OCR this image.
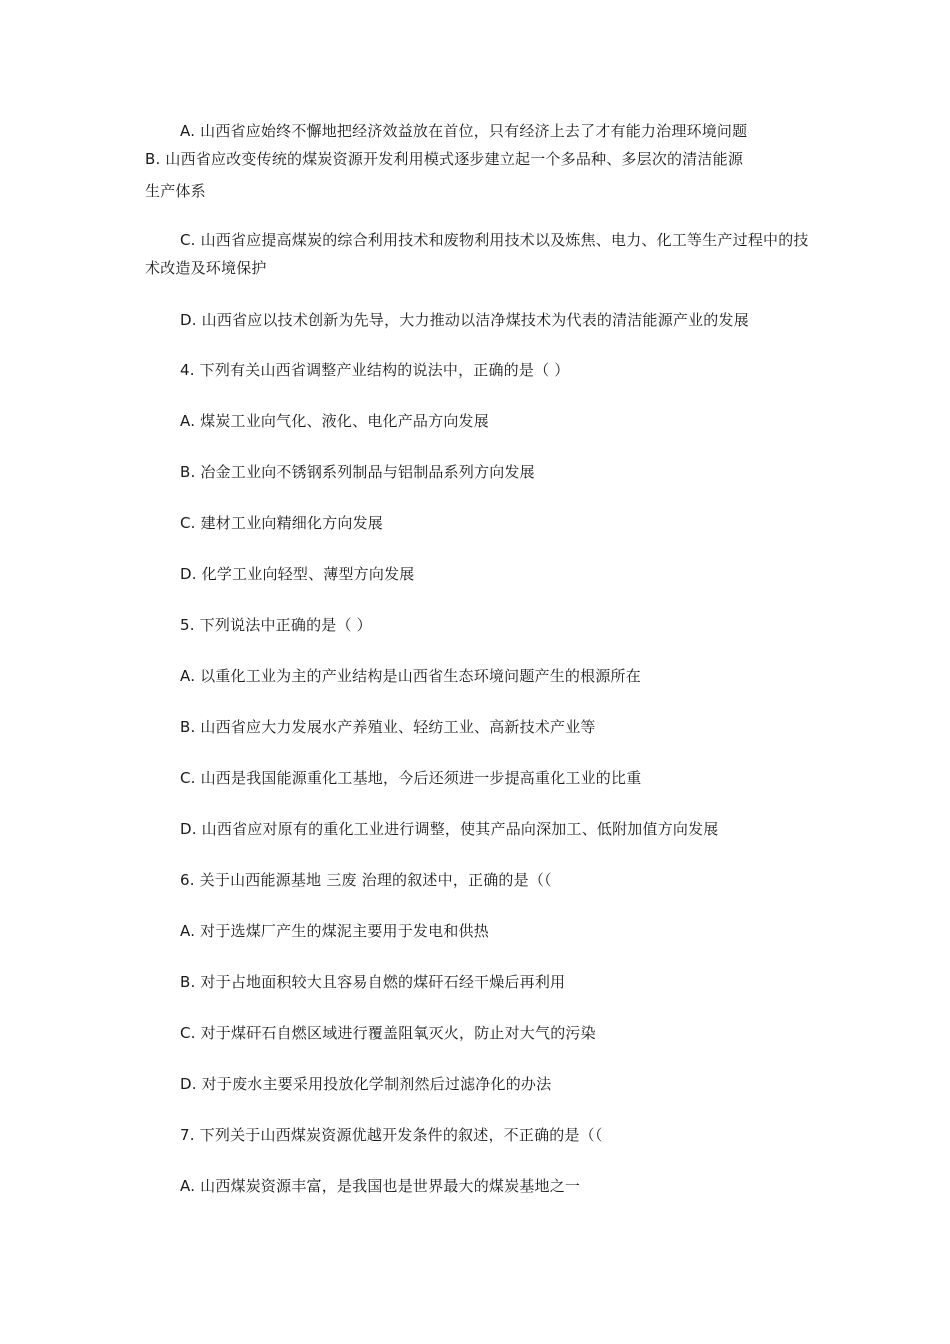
A. 山西省应始终不懈地把经济效益放在首位，只有经济上去了才有能力治理环境问题
B. 山西省应改变传统的煤炭资源开发利用模式逐步建立起一个多品种、多层次的清洁能源
生产体系
C. 山西省应提高煤炭的综合利用技术和废物利用技术以及炼焦、电力、化工等生产过程中的技术改造及环境保护
D. 山西省应以技术创新为先导，大力推动以洁净煤技术为代表的清洁能源产业的发展
4. 下列有关山西省调整产业结构的说法中，正确的是（ ）
A. 煤炭工业向气化、液化、电化产品方向发展
B. 冶金工业向不锈钢系列制品与铝制品系列方向发展
C. 建材工业向精细化方向发展
D. 化学工业向轻型、薄型方向发展
5. 下列说法中正确的是（ ）
A. 以重化工业为主的产业结构是山西省生态环境问题产生的根源所在
B. 山西省应大力发展水产养殖业、轻纺工业、高新技术产业等
C. 山西是我国能源重化工基地，今后还须进一步提高重化工业的比重
D. 山西省应对原有的重化工业进行调整，使其产品向深加工、低附加值方向发展
6. 关于山西能源基地 三废 治理的叙述中，正确的是（（
A. 对于选煤厂产生的煤泥主要用于发电和供热
B. 对于占地面积较大且容易自燃的煤矸石经干燥后再利用
C. 对于煤矸石自燃区域进行覆盖阻氧灭火，防止对大气的污染
D. 对于废水主要采用投放化学制剂然后过滤净化的办法
7. 下列关于山西煤炭资源优越开发条件的叙述，不正确的是（（
A. 山西煤炭资源丰富，是我国也是世界最大的煤炭基地之一
